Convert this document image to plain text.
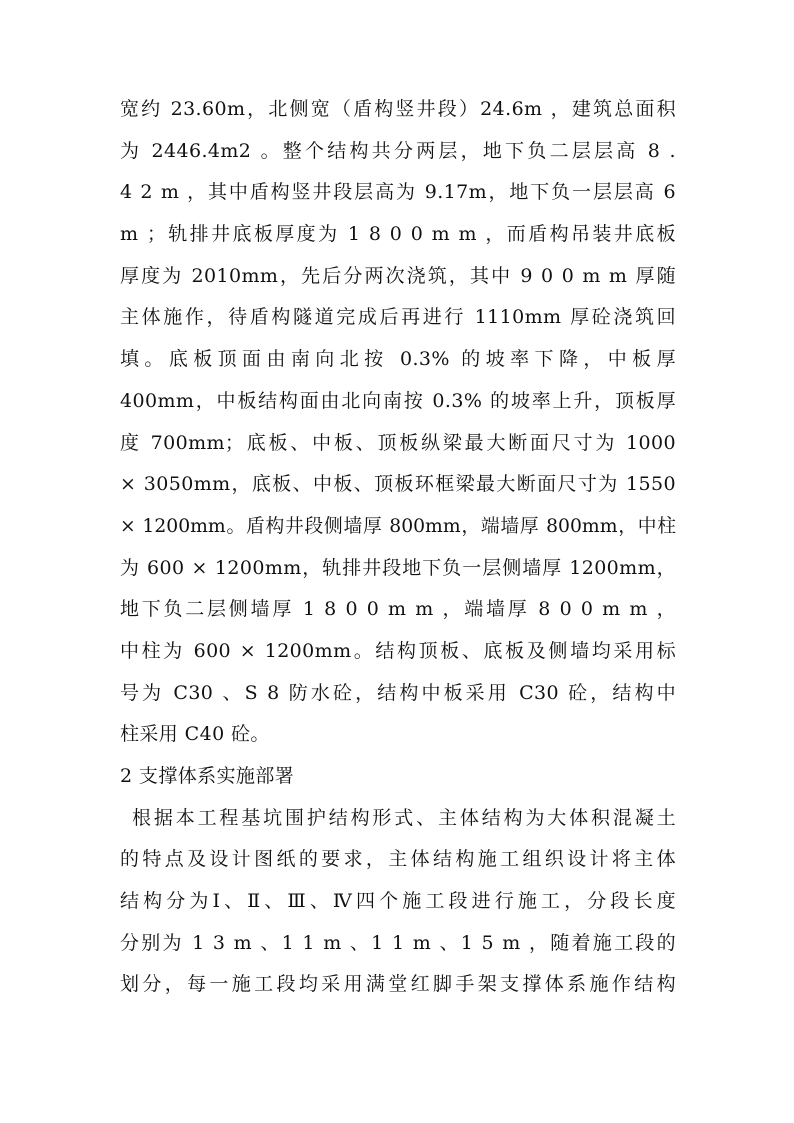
宽约 23.60m，北侧宽（盾构竖井段）24.6m ，建筑总面积
为 2446.4m2 。整个结构共分两层，地下负二层层高 8 .
4 2 m ，其中盾构竖井段层高为 9.17m，地下负一层层高 6
m ；轨排井底板厚度为 1 8 0 0 m m ，而盾构吊装井底板
厚度为 2010mm，先后分两次浇筑，其中 9 0 0 m m 厚随
主体施作，待盾构隧道完成后再进行 1110mm 厚砼浇筑回
填。底板顶面由南向北按 0.3% 的坡率下降，中板厚
400mm，中板结构面由北向南按 0.3% 的坡率上升，顶板厚
度 700mm；底板、中板、顶板纵梁最大断面尺寸为 1000
× 3050mm，底板、中板、顶板环框梁最大断面尺寸为 1550
× 1200mm。盾构井段侧墙厚 800mm，端墙厚 800mm，中柱
为 600 × 1200mm，轨排井段地下负一层侧墙厚 1200mm，
地下负二层侧墙厚 1 8 0 0 m m ，端墙厚 8 0 0 m m ，
中柱为 600 × 1200mm。结构顶板、底板及侧墙均采用标
号为 C30 、S 8 防水砼，结构中板采用 C30 砼，结构中
柱采用 C40 砼。
2 支撑体系实施部署
根据本工程基坑围护结构形式、主体结构为大体积混凝土
的特点及设计图纸的要求，主体结构施工组织设计将主体
结构分为Ⅰ、Ⅱ、Ⅲ、Ⅳ四个施工段进行施工，分段长度
分别为 1 3 m 、1 1 m 、1 1 m 、1 5 m ，随着施工段的
划分，每一施工段均采用满堂红脚手架支撑体系施作结构
